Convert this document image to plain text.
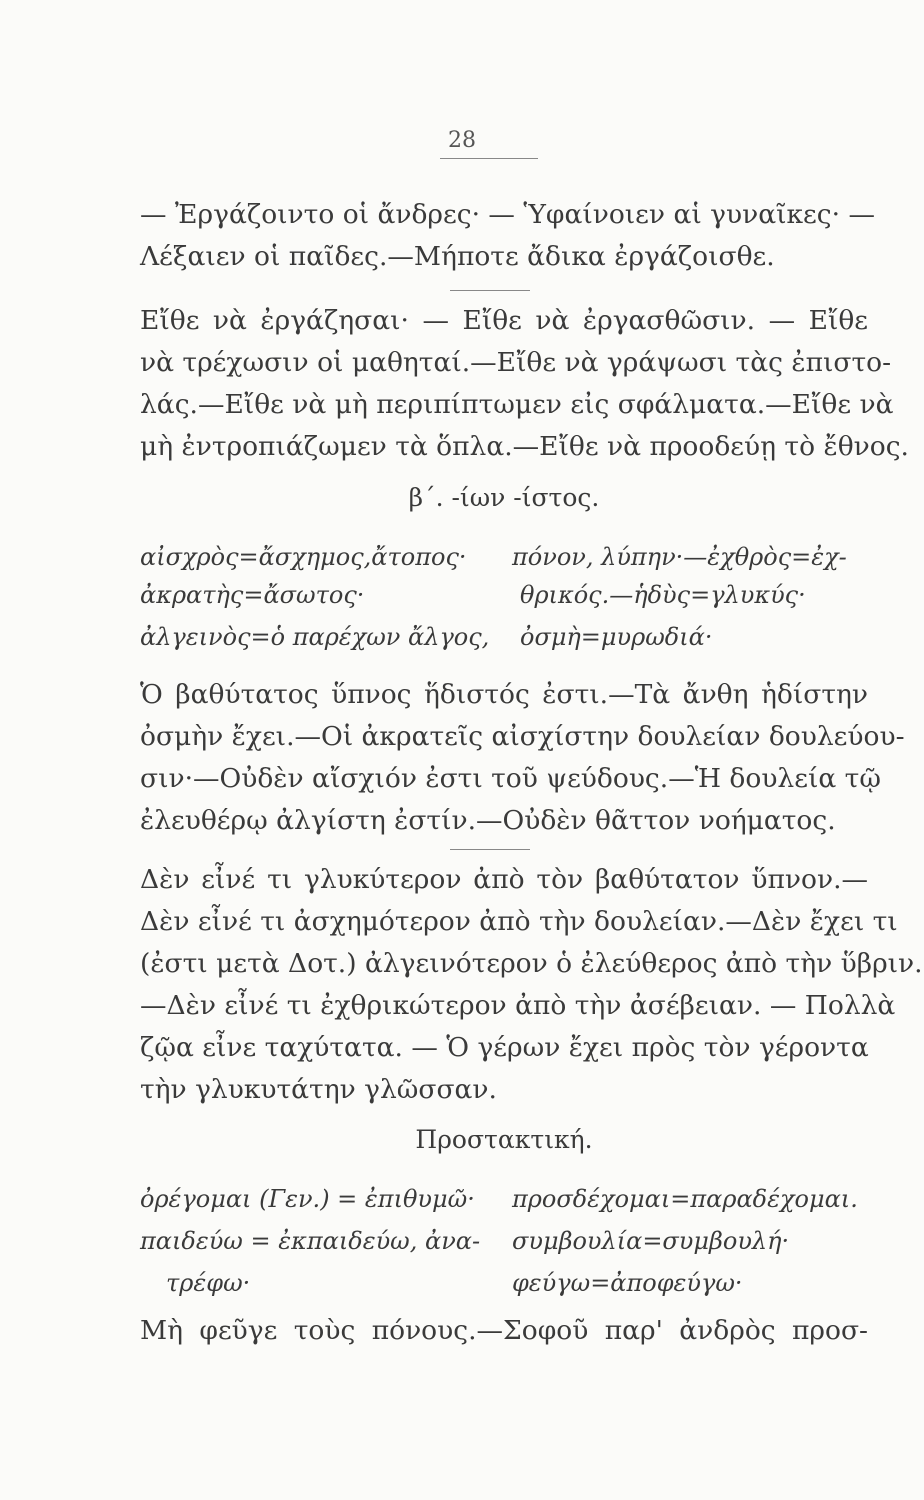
28
— Ἐργάζοιντο οἱ ἄνδρες· — Ὑφαίνοιεν αἱ γυναῖκες· —
Λέξαιεν οἱ παῖδες.—Μήποτε ἄδικα ἐργάζοισθε.
Εἴθε νὰ ἐργάζησαι· — Εἴθε νὰ ἐργασθῶσιν. — Εἴθε
νὰ τρέχωσιν οἱ μαθηταί.—Εἴθε νὰ γράψωσι τὰς ἐπιστο-
λάς.—Εἴθε νὰ μὴ περιπίπτωμεν εἰς σφάλματα.—Εἴθε νὰ
μὴ ἐντροπιάζωμεν τὰ ὅπλα.—Εἴθε νὰ προοδεύῃ τὸ ἔθνος.
β΄. -ίων -ίστος.
αἰσχρὸς=ἄσχημος,ἄτοπος·
ἀκρατὴς=ἄσωτος·
ἀλγεινὸς=ὁ παρέχων ἄλγος,
πόνον, λύπην·—ἐχθρὸς=ἐχ-
θρικός.—ἡδὺς=γλυκύς·
ὀσμὴ=μυρωδιά·
Ὁ βαθύτατος ὕπνος ἥδιστός ἐστι.—Τὰ ἄνθη ἡδίστην
ὀσμὴν ἔχει.—Οἱ ἀκρατεῖς αἰσχίστην δουλείαν δουλεύου-
σιν·—Οὐδὲν αἴσχιόν ἐστι τοῦ ψεύδους.—Ἡ δουλεία τῷ
ἐλευθέρῳ ἀλγίστη ἐστίν.—Οὐδὲν θᾶττον νοήματος.
Δὲν εἶνέ τι γλυκύτερον ἀπὸ τὸν βαθύτατον ὕπνον.—
Δὲν εἶνέ τι ἀσχημότερον ἀπὸ τὴν δουλείαν.—Δὲν ἔχει τι
(ἐστι μετὰ Δοτ.) ἀλγεινότερον ὁ ἐλεύθερος ἀπὸ τὴν ὕβριν.
—Δὲν εἶνέ τι ἐχθρικώτερον ἀπὸ τὴν ἀσέβειαν. — Πολλὰ
ζῷα εἶνε ταχύτατα. — Ὁ γέρων ἔχει πρὸς τὸν γέροντα
τὴν γλυκυτάτην γλῶσσαν.
Προστακτική.
ὀρέγομαι (Γεν.) = ἐπιθυμῶ·
παιδεύω = ἐκπαιδεύω, ἀνα-
τρέφω·
προσδέχομαι=παραδέχομαι.
συμβουλία=συμβουλή·
φεύγω=ἀποφεύγω·
Μὴ φεῦγε τοὺς πόνους.—Σοφοῦ παρ' ἀνδρὸς προσ-
